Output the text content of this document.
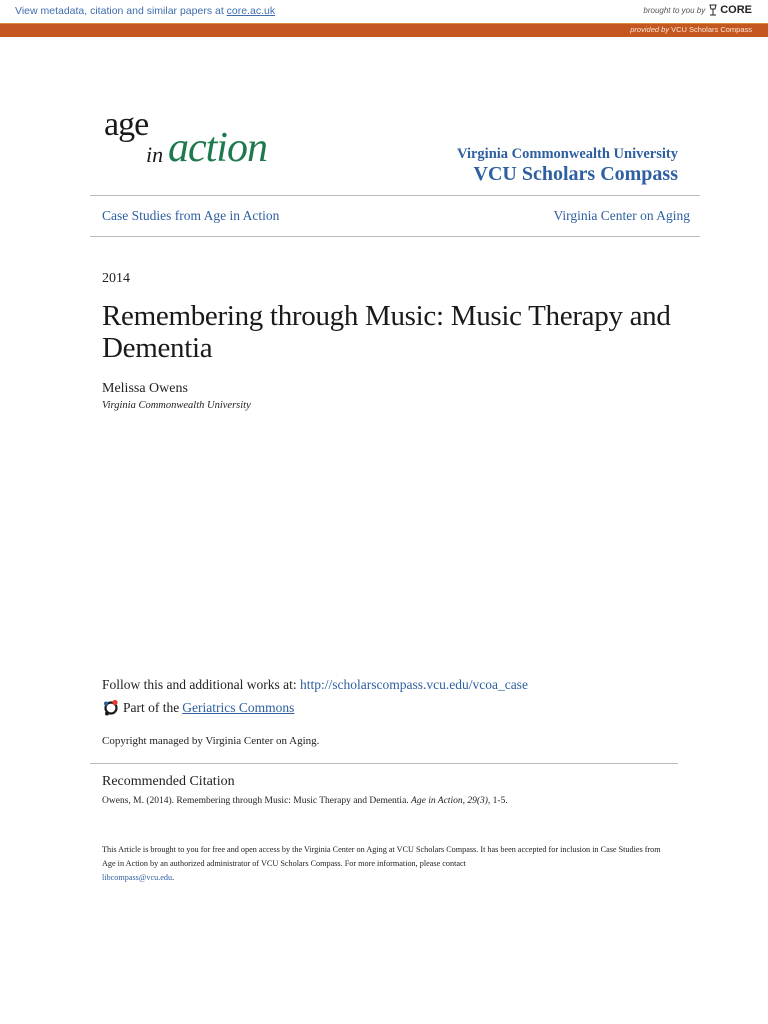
View metadata, citation and similar papers at core.ac.uk	brought to you by CORE
provided by VCU Scholars Compass
age
in action	Virginia Commonwealth University
VCU Scholars Compass
Case Studies from Age in Action	Virginia Center on Aging
2014
Remembering through Music: Music Therapy and Dementia
Melissa Owens
Virginia Commonwealth University
Follow this and additional works at: http://scholarscompass.vcu.edu/vcoa_case
Part of the Geriatrics Commons
Copyright managed by Virginia Center on Aging.
Recommended Citation
Owens, M. (2014). Remembering through Music: Music Therapy and Dementia. Age in Action, 29(3), 1-5.
This Article is brought to you for free and open access by the Virginia Center on Aging at VCU Scholars Compass. It has been accepted for inclusion in Case Studies from Age in Action by an authorized administrator of VCU Scholars Compass. For more information, please contact
libcompass@vcu.edu.
